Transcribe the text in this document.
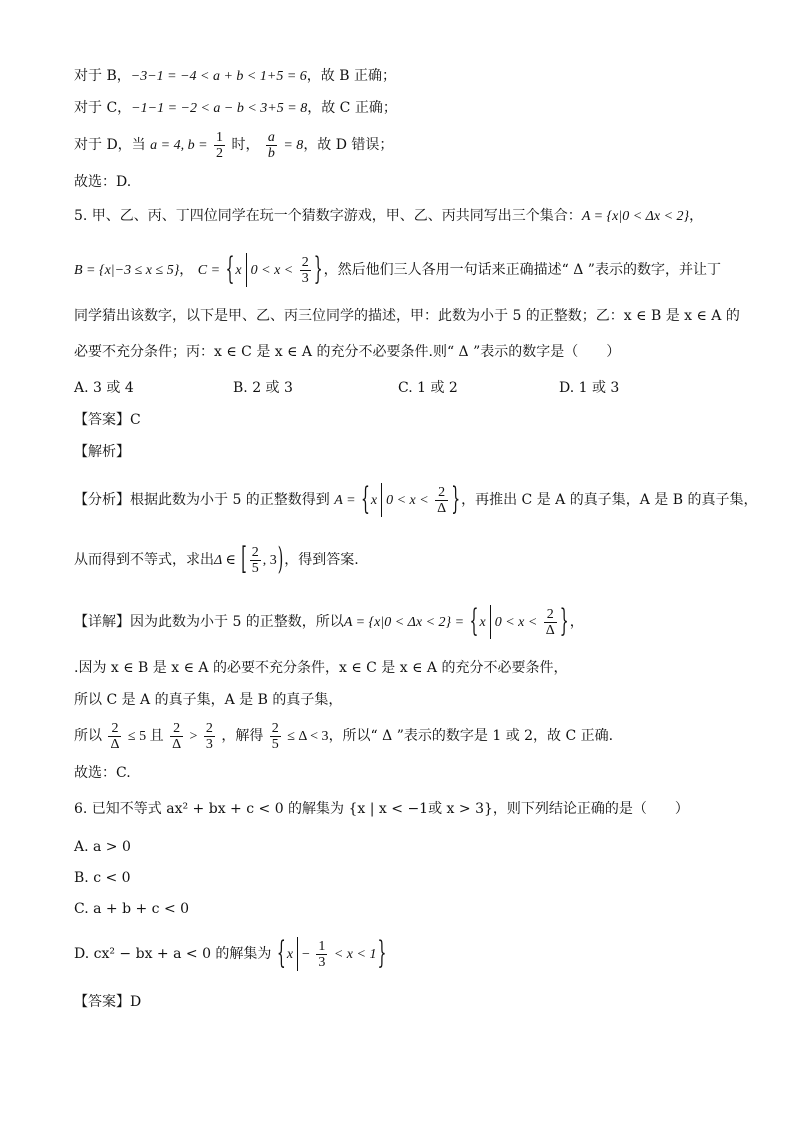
对于 B，−3−1 = −4 < a + b < 1+5 = 6，故 B 正确；
对于 C，−1−1 = −2 < a − b < 3+5 = 8，故 C 正确；
对于 D，当 a = 4, $b = \frac{1}{2}$ 时， $\frac{a}{b} = 8$，故 D 错误；
故选：D.
5. 甲、乙、丙、丁四位同学在玩一个猜数字游戏，甲、乙、丙共同写出三个集合：A = {x|0 < Δx < 2}，
B = {x|−3 ≤ x ≤ 5}， C = {x $0 < x < \frac{2}{3}$ }，然后他们三人各用一句话来正确描述“ Δ ”表示的数字，并让丁
同学猜出该数字，以下是甲、乙、丙三位同学的描述，甲：此数为小于 5 的正整数；乙：x ∈ B 是 x ∈ A 的
必要不充分条件；丙：x ∈ C 是 x ∈ A 的充分不必要条件.则“ Δ ”表示的数字是（　　）
A. 3 或 4	B. 2 或 3	C. 1 或 2	D. 1 或 3
【答案】C
【解析】
【分析】根据此数为小于 5 的正整数得到 A = {x $0 < x < \frac{2}{\Delta}$ }，再推出 C 是 A 的真子集，A 是 B 的真子集，
从而得到不等式，求出Δ ∈ [ $\frac{2}{5}$ , 3)，得到答案.
【详解】因为此数为小于 5 的正整数，所以A = {x|0 < Δx < 2} = {x $0 < x < \frac{2}{\Delta}$ }，
.因为 x ∈ B 是 x ∈ A 的必要不充分条件，x ∈ C 是 x ∈ A 的充分不必要条件，
所以 C 是 A 的真子集，A 是 B 的真子集，
所以 $\frac{2}{\Delta} \le 5$ 且 $\frac{2}{\Delta} > \frac{2}{3}$ ，解得 $\frac{2}{5} \le \Delta < 3$，所以“ Δ ”表示的数字是 1 或 2，故 C 正确.
故选：C.
6. 已知不等式 ax² + bx + c < 0 的解集为 {x | x < −1或 x > 3}，则下列结论正确的是（　　）
A. a > 0
B. c < 0
C. a + b + c < 0
D. cx² − bx + a < 0 的解集为 $\{x - \frac{1}{3} < x < 1\}$
【答案】D
